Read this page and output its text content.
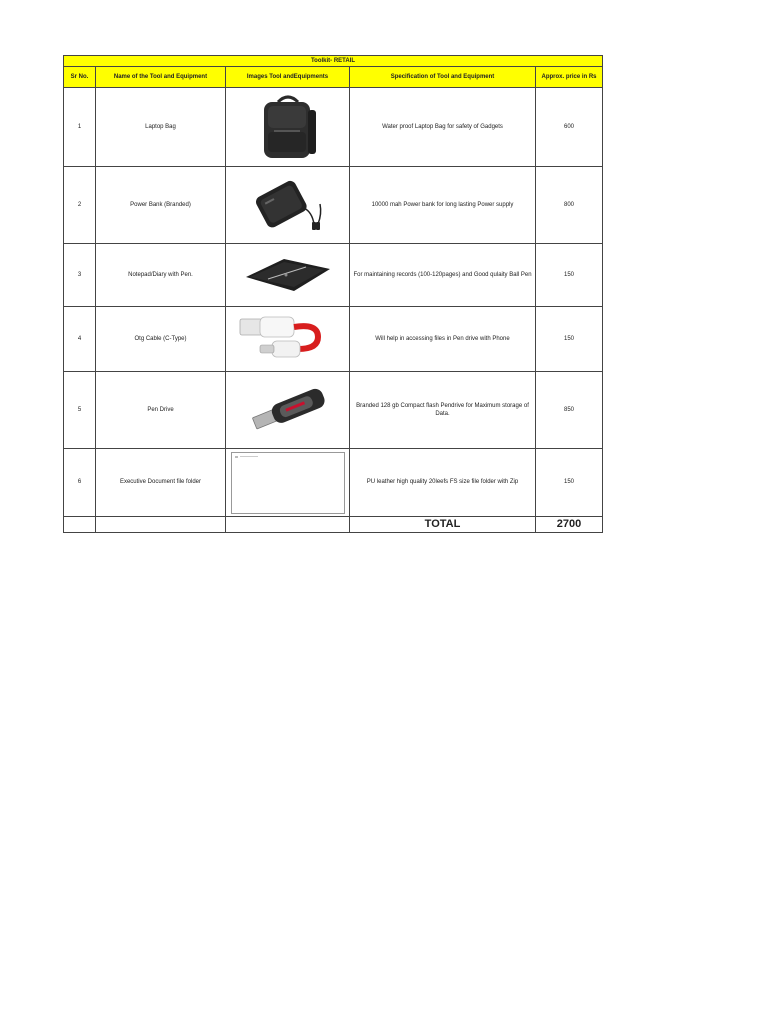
Toolkit- RETAIL				
Sr No.	Name of the Tool and Equipment	Images Tool andEquipments	Specification of Tool and Equipment	Approx. price in Rs
1	Laptop Bag		Water proof Laptop Bag for safety of Gadgets	600
2	Power Bank (Branded)		10000 mah Power bank for long lasting Power supply	800
3	Notepad/Diary with Pen.		For maintaining records (100-120pages) and Good qulaity Ball Pen	150
4	Otg Cable (C-Type)		Will help in accessing files in Pen drive with Phone	150
5	Pen Drive		Branded 128 gb Compact flash Pendrive for Maximum storage of Data.	850
6	Executive Document file folder		PU leather high quality 20leefs FS size file folder with Zip	150
			TOTAL	2700
